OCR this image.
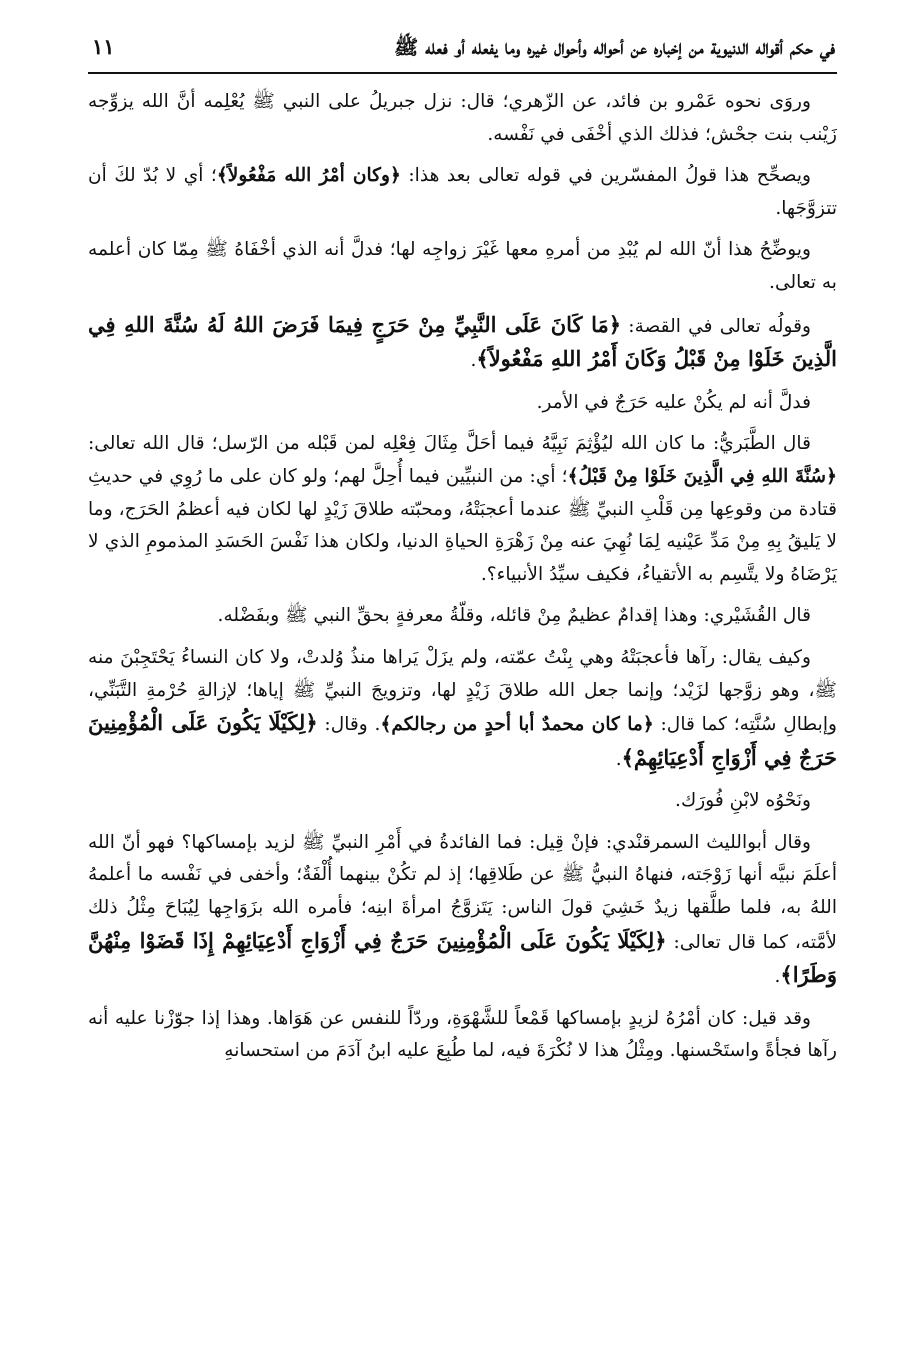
في حكم أقواله الدنيوية من إخباره عن أحواله وأحوال غيره وما يفعله أو فعله ﷺ
١١

وروَى نحوه عَمْرو بن فائد، عن الزّهري؛ قال: نزل جبريلُ على النبي ﷺ يُعْلِمه أنَّ الله يزوِّجه زَيْنب بنت جحْش؛ فذلك الذي أخْفَى في نَفْسه.

ويصحِّح هذا قولُ المفسّرين في قوله تعالى بعد هذا: ﴿وكان أمْرُ الله مَفْعُولاً﴾؛ أي لا بُدّ لكَ أن تتزوَّجَها.

ويوضِّحُ هذا أنّ الله لم يُبْدِ من أمرهِ معها غَيْرَ زواجِه لها؛ فدلَّ أنه الذي أخْفَاهُ ﷺ مِمّا كان أعلمه به تعالى.

وقولُه تعالى في القصة: ﴿مَا كَانَ عَلَى النَّبِيِّ مِنْ حَرَجٍ فِيمَا فَرَضَ اللهُ لَهُ سُنَّةَ اللهِ فِي الَّذِينَ خَلَوْا مِنْ قَبْلُ وَكَانَ أَمْرُ اللهِ مَفْعُولاً﴾.

فدلَّ أنه لم يكُنْ عليه حَرَجٌ في الأمر.

قال الطَّبَريُّ: ما كان الله ليُؤْثِمَ نَبِيَّهُ فيما أحَلَّ مِثَالَ فِعْلِه لمن قَبْله من الرّسل؛ قال الله تعالى: ﴿سُنَّةَ اللهِ فِي الَّذِينَ خَلَوْا مِنْ قَبْلُ﴾؛ أي: من النبيِّين فيما أُحِلَّ لهم؛ ولو كان على ما رُوِي في حديثِ قتادة من وقوعِها مِن قَلْبِ النبيِّ ﷺ عندما أعجبَتْهُ، ومحبّته طلاقَ زَيْدٍ لها لكان فيه أعظمُ الحَرَج، وما لا يَليقُ بِهِ مِنْ مَدِّ عَيْنيه لِمَا نُهِيَ عنه مِنْ زَهْرَةِ الحياةِ الدنيا، ولكان هذا نَفْسَ الحَسَدِ المذمومِ الذي لا يَرْضَاهُ ولا يتَّسِم به الأتقياءُ، فكيف سيِّدُ الأنبياء؟.

قال القُشَيْري: وهذا إقدامٌ عظيمٌ مِنْ قائله، وقلّةُ معرفةٍ بحقِّ النبي ﷺ وبفَضْله.

وكيف يقال: رآها فأعجبَتْهُ وهي بِنْتُ عمّته، ولم يزَلْ يَراها منذُ وُلدتْ، ولا كان النساءُ يَحْتَجِبْنَ منه ﷺ، وهو زوَّجها لزَيْد؛ وإنما جعل الله طلاقَ زَيْدٍ لها، وتزويجَ النبيِّ ﷺ إياها؛ لإزالةِ حُرْمةِ التَّبَنِّي، وإبطالِ سُنَّتِه؛ كما قال: ﴿ما كان محمدٌ أبا أحدٍ من رجالكم﴾. وقال: ﴿لِكَيْلَا يَكُونَ عَلَى الْمُؤْمِنِينَ حَرَجٌ فِي أَزْوَاجِ أَدْعِيَائِهِمْ﴾.

ونَحْوُه لابْنِ فُورَك.

وقال أبوالليث السمرقنْدي: فإنْ قِيل: فما الفائدةُ في أَمْرِ النبيِّ ﷺ لزيد بإمساكها؟ فهو أنّ الله أعلَمَ نبيَّه أنها زَوْجَته، فنهاهُ النبيُّ ﷺ عن طَلاقِها؛ إذ لم تكُنْ بينهما أُلْفَةٌ؛ وأخفى في نَفْسه ما أعلمهُ اللهُ به، فلما طلَّقها زيدٌ خَشِيَ قولَ الناس: يَتَزوَّجُ امرأةَ ابنِه؛ فأمره الله بزَوَاجِها لِيُبَاحَ مِثْلُ ذلك لأمَّته، كما قال تعالى: ﴿لِكَيْلَا يَكُونَ عَلَى الْمُؤْمِنِينَ حَرَجٌ فِي أَزْوَاجِ أَدْعِيَائِهِمْ إِذَا قَضَوْا مِنْهُنَّ وَطَرًا﴾.

وقد قيل: كان أمْرُهُ لزيدٍ بإمساكها قَمْعاً للشَّهْوَةِ، وردّاً للنفس عن هَوَاها. وهذا إذا جوّزْنا عليه أنه رآها فجأةً واستَحْسنها. ومِثْلُ هذا لا نُكْرَةَ فيه، لما طُبِعَ عليه ابنُ آدَمَ من استحسانهِ
